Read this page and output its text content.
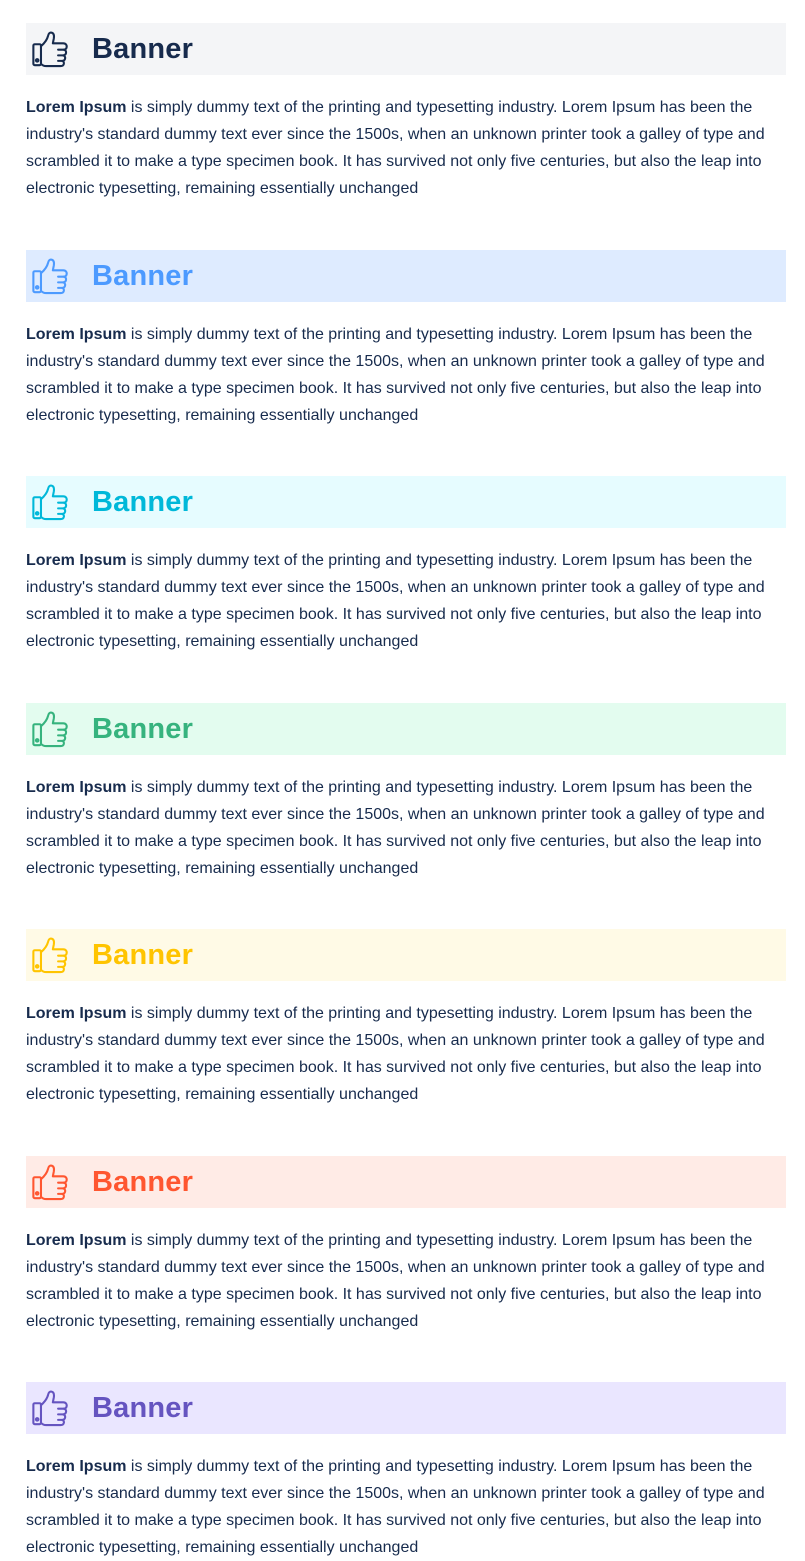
Banner
Lorem Ipsum is simply dummy text of the printing and typesetting industry. Lorem Ipsum has been the industry's standard dummy text ever since the 1500s, when an unknown printer took a galley of type and scrambled it to make a type specimen book. It has survived not only five centuries, but also the leap into electronic typesetting, remaining essentially unchanged
Banner
Lorem Ipsum is simply dummy text of the printing and typesetting industry. Lorem Ipsum has been the industry's standard dummy text ever since the 1500s, when an unknown printer took a galley of type and scrambled it to make a type specimen book. It has survived not only five centuries, but also the leap into electronic typesetting, remaining essentially unchanged
Banner
Lorem Ipsum is simply dummy text of the printing and typesetting industry. Lorem Ipsum has been the industry's standard dummy text ever since the 1500s, when an unknown printer took a galley of type and scrambled it to make a type specimen book. It has survived not only five centuries, but also the leap into electronic typesetting, remaining essentially unchanged
Banner
Lorem Ipsum is simply dummy text of the printing and typesetting industry. Lorem Ipsum has been the industry's standard dummy text ever since the 1500s, when an unknown printer took a galley of type and scrambled it to make a type specimen book. It has survived not only five centuries, but also the leap into electronic typesetting, remaining essentially unchanged
Banner
Lorem Ipsum is simply dummy text of the printing and typesetting industry. Lorem Ipsum has been the industry's standard dummy text ever since the 1500s, when an unknown printer took a galley of type and scrambled it to make a type specimen book. It has survived not only five centuries, but also the leap into electronic typesetting, remaining essentially unchanged
Banner
Lorem Ipsum is simply dummy text of the printing and typesetting industry. Lorem Ipsum has been the industry's standard dummy text ever since the 1500s, when an unknown printer took a galley of type and scrambled it to make a type specimen book. It has survived not only five centuries, but also the leap into electronic typesetting, remaining essentially unchanged
Banner
Lorem Ipsum is simply dummy text of the printing and typesetting industry. Lorem Ipsum has been the industry's standard dummy text ever since the 1500s, when an unknown printer took a galley of type and scrambled it to make a type specimen book. It has survived not only five centuries, but also the leap into electronic typesetting, remaining essentially unchanged
